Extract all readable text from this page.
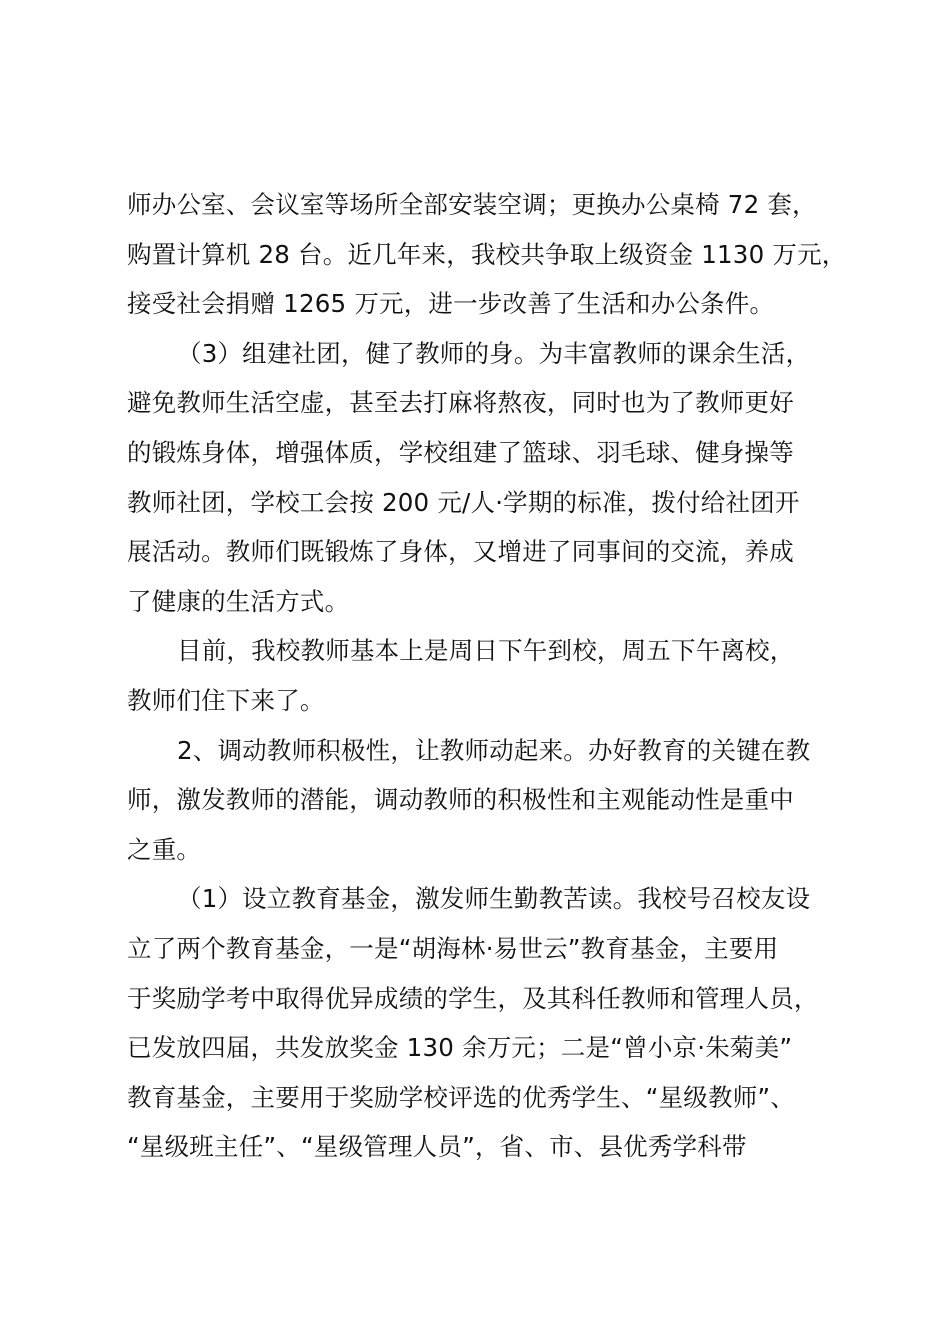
师办公室、会议室等场所全部安装空调；更换办公桌椅 72 套，
购置计算机 28 台。近几年来，我校共争取上级资金 1130 万元，
接受社会捐赠 1265 万元，进一步改善了生活和办公条件。
（3）组建社团，健了教师的身。为丰富教师的课余生活，
避免教师生活空虚，甚至去打麻将熬夜，同时也为了教师更好
的锻炼身体，增强体质，学校组建了篮球、羽毛球、健身操等
教师社团，学校工会按 200 元/人·学期的标准，拨付给社团开
展活动。教师们既锻炼了身体，又增进了同事间的交流，养成
了健康的生活方式。
目前，我校教师基本上是周日下午到校，周五下午离校，
教师们住下来了。
2、调动教师积极性，让教师动起来。办好教育的关键在教
师，激发教师的潜能，调动教师的积极性和主观能动性是重中
之重。
（1）设立教育基金，激发师生勤教苦读。我校号召校友设
立了两个教育基金，一是“胡海林·易世云”教育基金，主要用
于奖励学考中取得优异成绩的学生，及其科任教师和管理人员，
已发放四届，共发放奖金 130 余万元；二是“曾小京·朱菊美”
教育基金，主要用于奖励学校评选的优秀学生、“星级教师”、
“星级班主任”、“星级管理人员”，省、市、县优秀学科带
